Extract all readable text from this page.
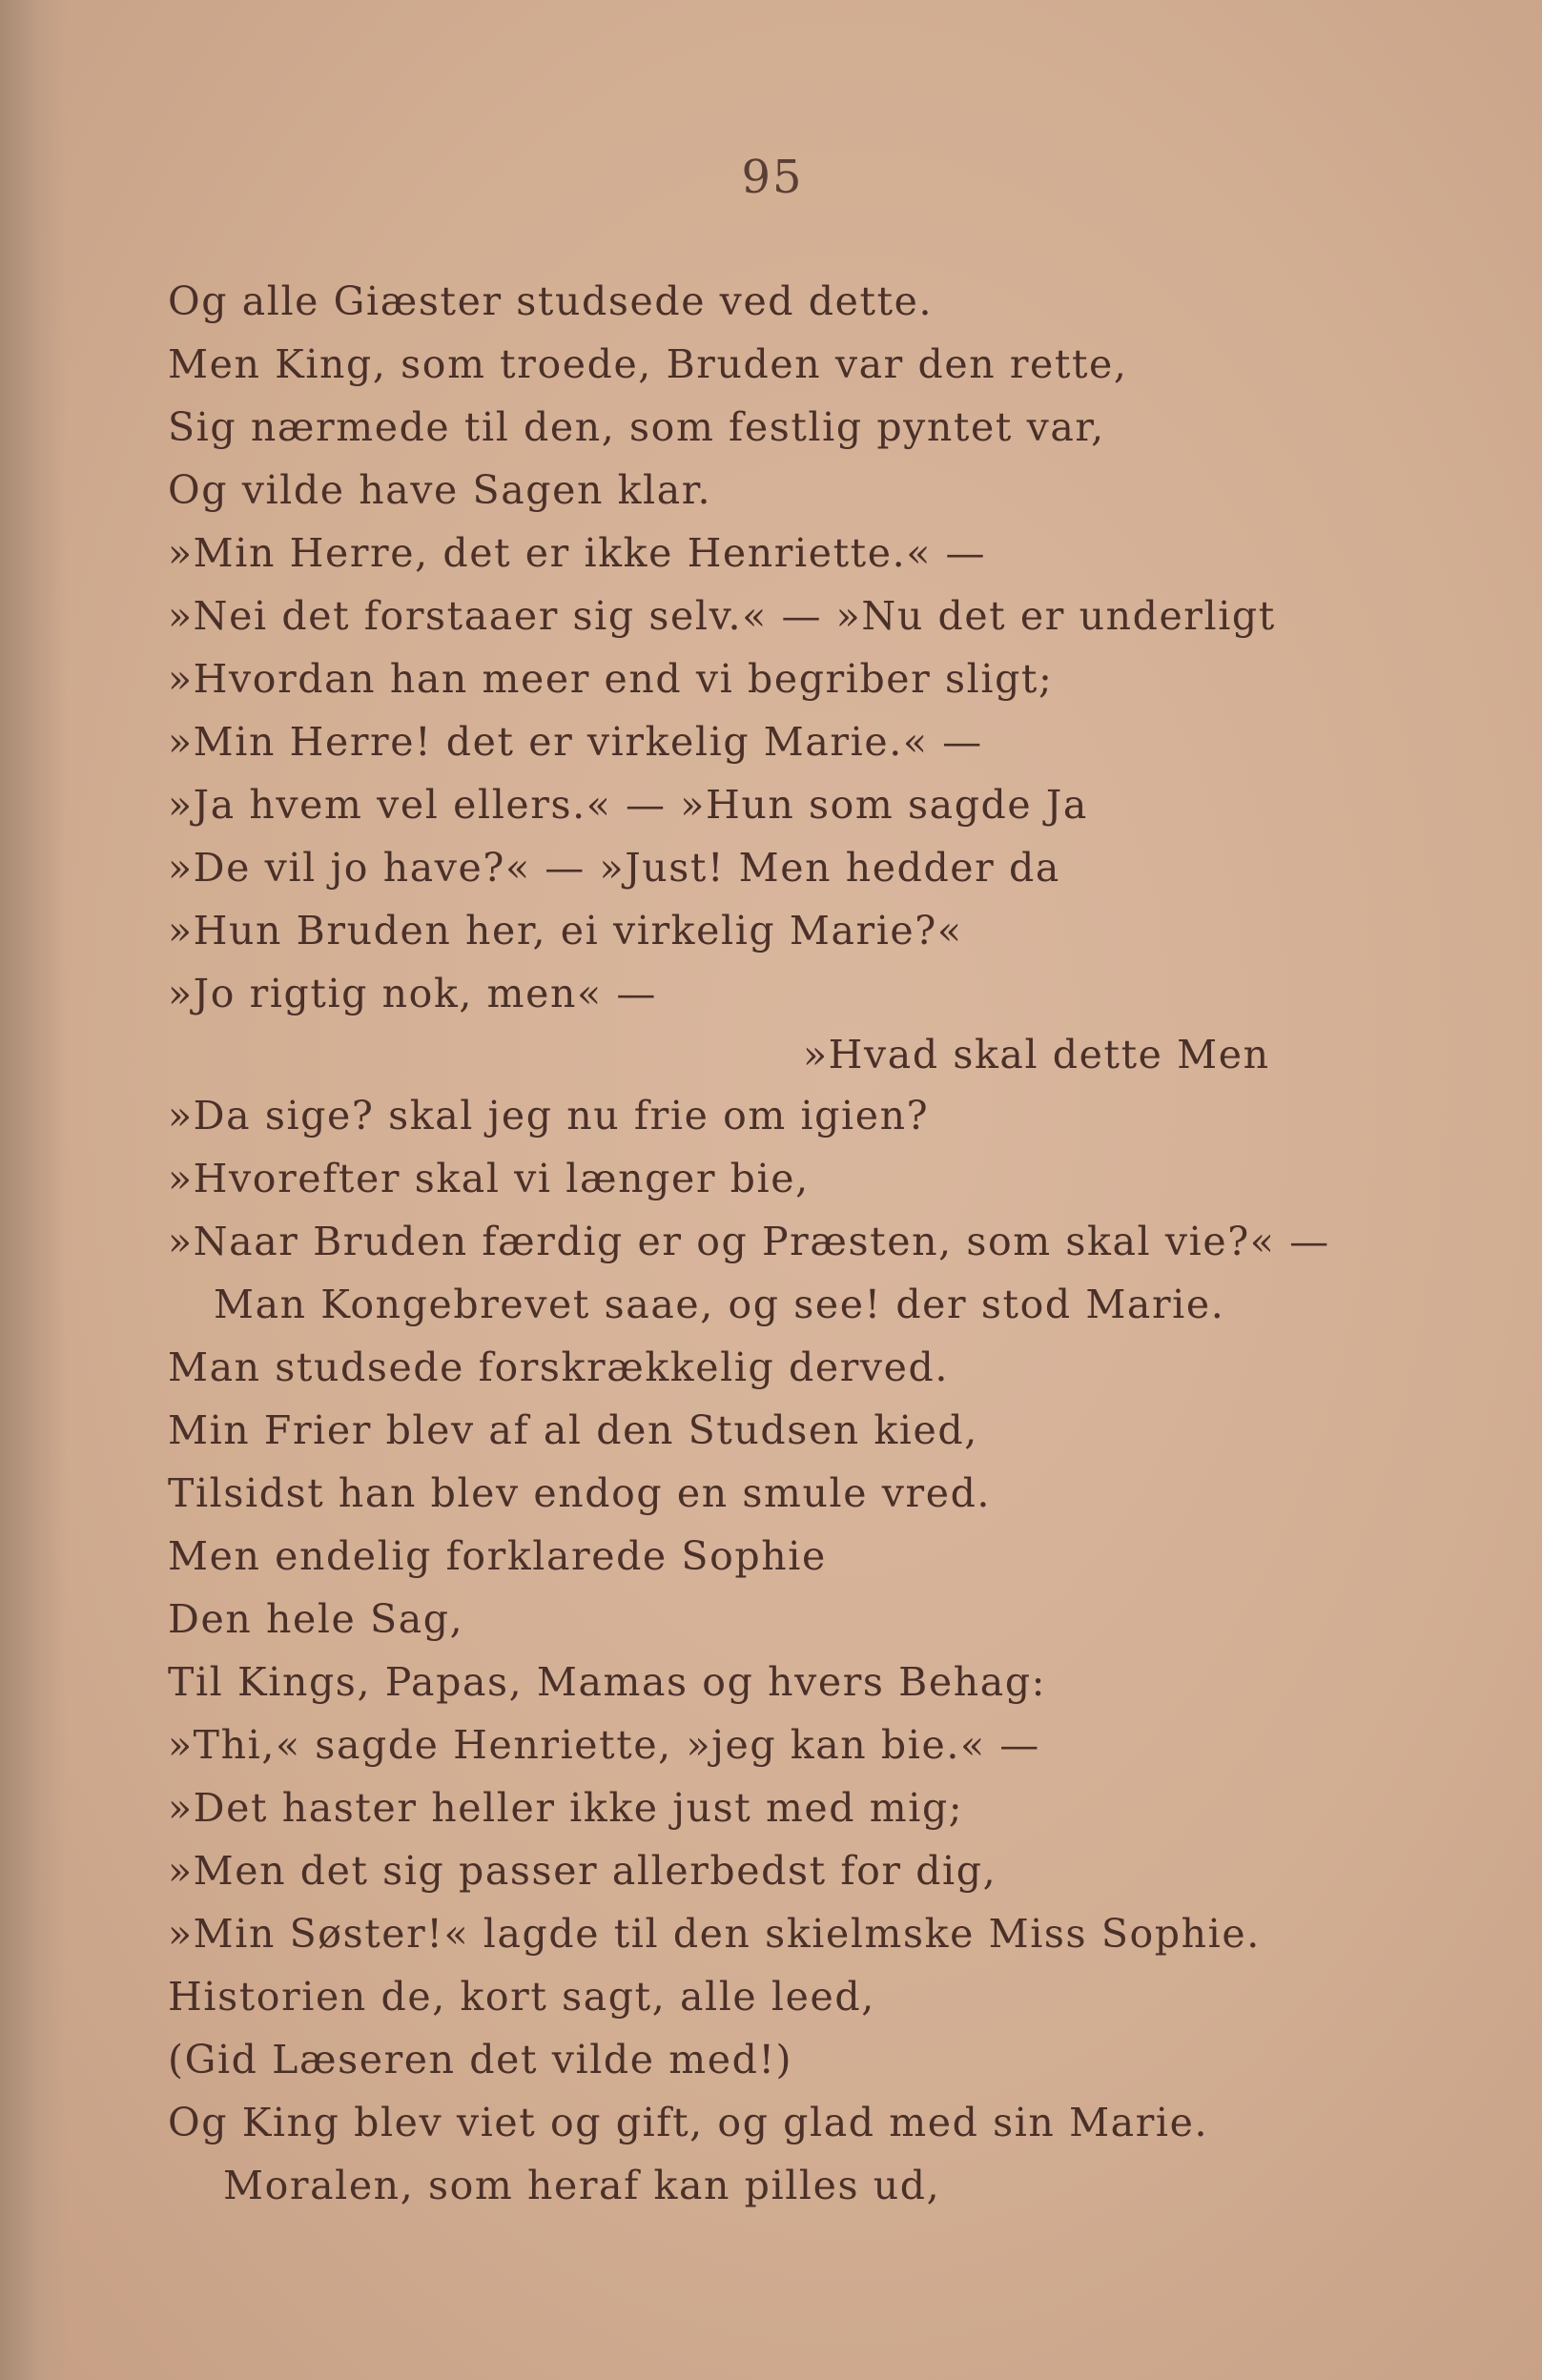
95
Og alle Giæster studsede ved dette.
Men King, som troede, Bruden var den rette,
Sig nærmede til den, som festlig pyntet var,
Og vilde have Sagen klar.
»Min Herre, det er ikke Henriette.« —
»Nei det forstaaer sig selv.« — »Nu det er underligt
»Hvordan han meer end vi begriber sligt;
»Min Herre! det er virkelig Marie.« —
»Ja hvem vel ellers.« — »Hun som sagde Ja
»De vil jo have?« — »Just! Men hedder da
»Hun Bruden her, ei virkelig Marie?«
»Jo rigtig nok, men« —
»Hvad skal dette Men
»Da sige? skal jeg nu frie om igien?
»Hvorefter skal vi længer bie,
»Naar Bruden færdig er og Præsten, som skal vie?« —
Man Kongebrevet saae, og see! der stod Marie.
Man studsede forskrækkelig derved.
Min Frier blev af al den Studsen kied,
Tilsidst han blev endog en smule vred.
Men endelig forklarede Sophie
Den hele Sag,
Til Kings, Papas, Mamas og hvers Behag:
»Thi,« sagde Henriette, »jeg kan bie.« —
»Det haster heller ikke just med mig;
»Men det sig passer allerbedst for dig,
»Min Søster!« lagde til den skielmske Miss Sophie.
Historien de, kort sagt, alle leed,
(Gid Læseren det vilde med!)
Og King blev viet og gift, og glad med sin Marie.
Moralen, som heraf kan pilles ud,
